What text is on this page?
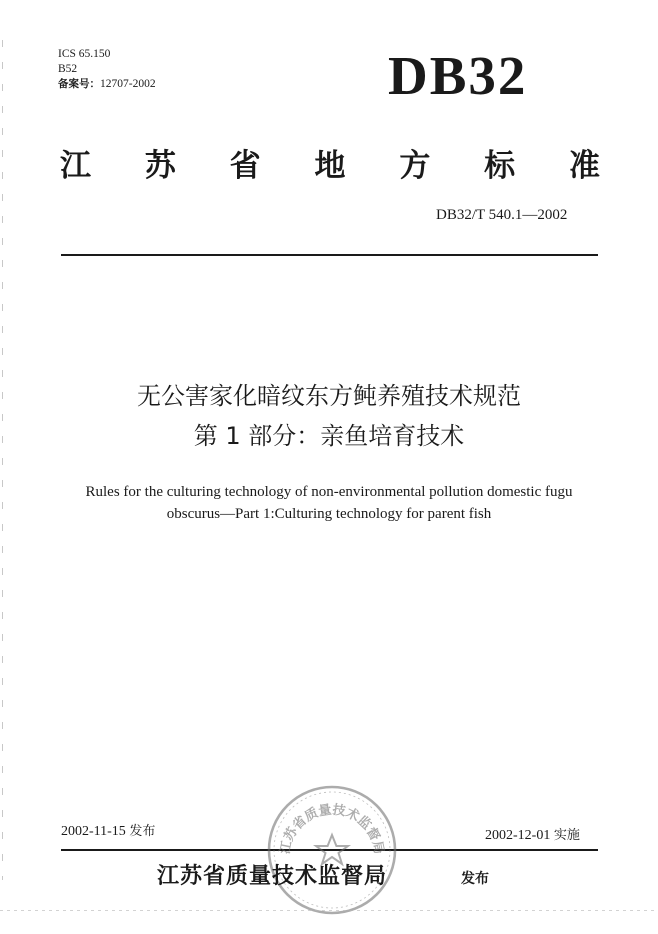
ICS 65.150
B52
备案号：12707-2002	DB32
江 苏 省 地 方 标 准
DB32/T 540.1—2002
无公害家化暗纹东方鲀养殖技术规范
第 1 部分：亲鱼培育技术
Rules for the culturing technology of non-environmental pollution domestic fugu
obscurus—Part 1:Culturing technology for parent fish
2002-11-15 发布	2002-12-01 实施
江苏省质量技术监督局
江苏省质量技术监督局	发布
